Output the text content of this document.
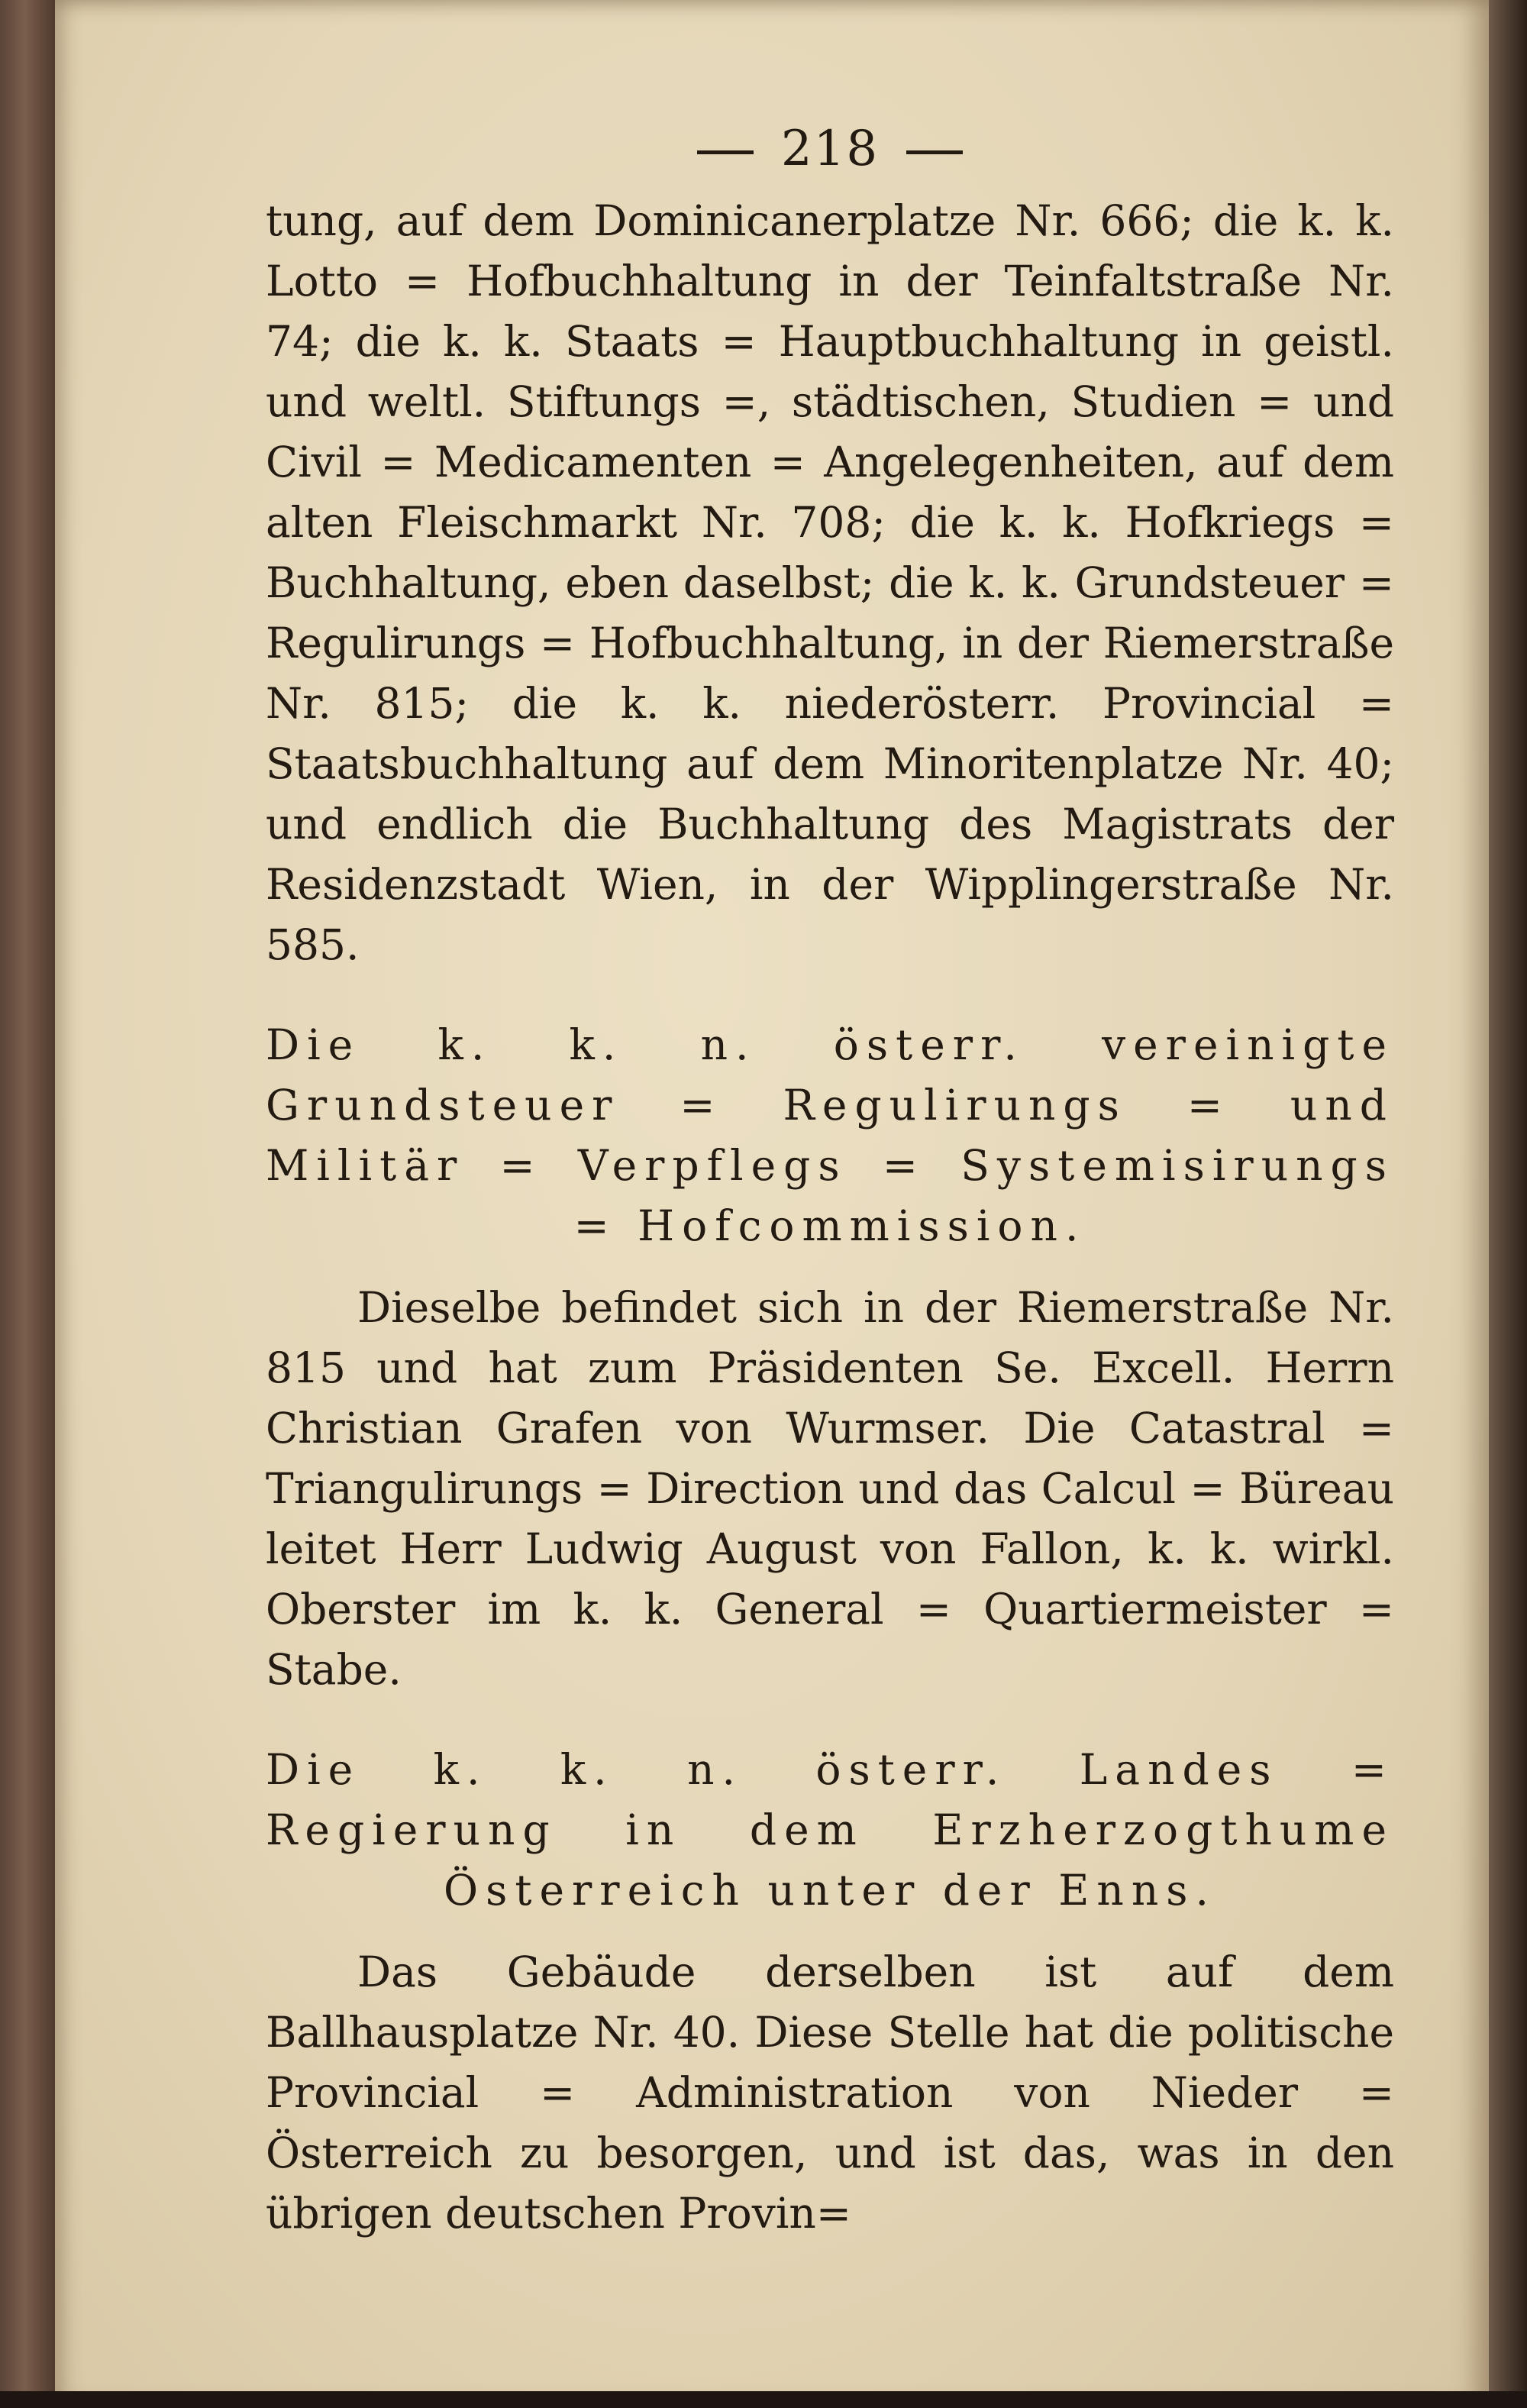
218

tung, auf dem Dominicanerplatze Nr. 666; die k. k. Lotto = Hofbuchhaltung in der Teinfaltstraße Nr. 74; die k. k. Staats = Hauptbuchhaltung in geistl. und weltl. Stiftungs =, städtischen, Studien = und Civil = Medicamenten = Angelegenheiten, auf dem alten Fleischmarkt Nr. 708; die k. k. Hofkriegs = Buchhaltung, eben daselbst; die k. k. Grundsteuer = Regulirungs = Hofbuchhaltung, in der Riemerstraße Nr. 815; die k. k. niederösterr. Provincial = Staatsbuchhaltung auf dem Minoritenplatze Nr. 40; und endlich die Buchhaltung des Magistrats der Residenzstadt Wien, in der Wipplingerstraße Nr. 585.

Die k. k. n. österr. vereinigte Grundsteuer = Regulirungs = und Militär = Verpflegs = Systemisirungs = Hofcommission.

Dieselbe befindet sich in der Riemerstraße Nr. 815 und hat zum Präsidenten Se. Excell. Herrn Christian Grafen von Wurmser. Die Catastral = Triangulirungs = Direction und das Calcul = Büreau leitet Herr Ludwig August von Fallon, k. k. wirkl. Oberster im k. k. General = Quartiermeister = Stabe.

Die k. k. n. österr. Landes = Regierung in dem Erzherzogthume Österreich unter der Enns.

Das Gebäude derselben ist auf dem Ballhausplatze Nr. 40. Diese Stelle hat die politische Provincial = Administration von Nieder = Österreich zu besorgen, und ist das, was in den übrigen deutschen Provin=
